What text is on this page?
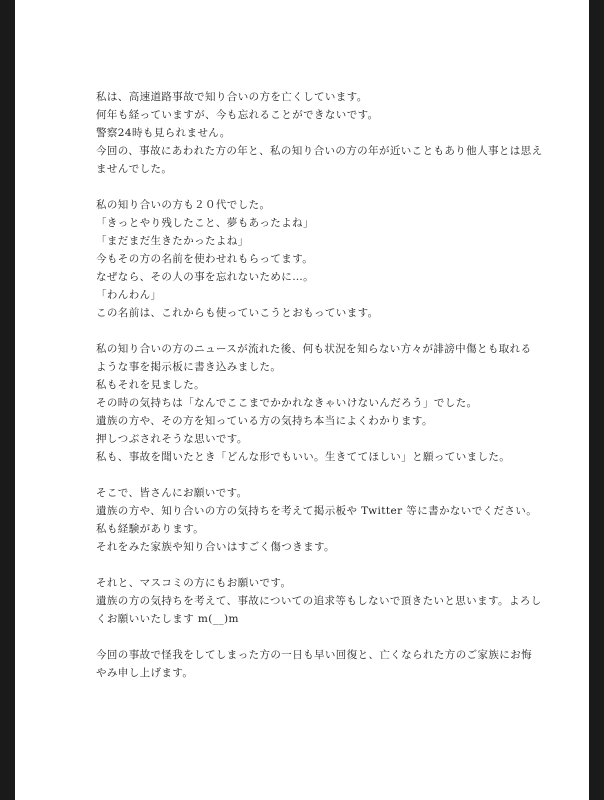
私は、高速道路事故で知り合いの方を亡くしています。
何年も経っていますが、今も忘れることができないです。
警察24時も見られません。
今回の、事故にあわれた方の年と、私の知り合いの方の年が近いこともあり他人事とは思え
ませんでした。
私の知り合いの方も２０代でした。
「きっとやり残したこと、夢もあったよね」
「まだまだ生きたかったよね」
今もその方の名前を使わせれもらってます。
なぜなら、その人の事を忘れないために…。
「わんわん」
この名前は、これからも使っていこうとおもっています。
私の知り合いの方のニュースが流れた後、何も状況を知らない方々が誹謗中傷とも取れる
ような事を掲示板に書き込みました。
私もそれを見ました。
その時の気持ちは「なんでここまでかかれなきゃいけないんだろう」でした。
遺族の方や、その方を知っている方の気持ち本当によくわかります。
押しつぶされそうな思いです。
私も、事故を聞いたとき「どんな形でもいい。生きててほしい」と願っていました。
そこで、皆さんにお願いです。
遺族の方や、知り合いの方の気持ちを考えて掲示板や Twitter 等に書かないでください。
私も経験があります。
それをみた家族や知り合いはすごく傷つきます。
それと、マスコミの方にもお願いです。
遺族の方の気持ちを考えて、事故についての追求等もしないで頂きたいと思います。よろし
くお願いいたします m(__)m
今回の事故で怪我をしてしまった方の一日も早い回復と、亡くなられた方のご家族にお悔
やみ申し上げます。
